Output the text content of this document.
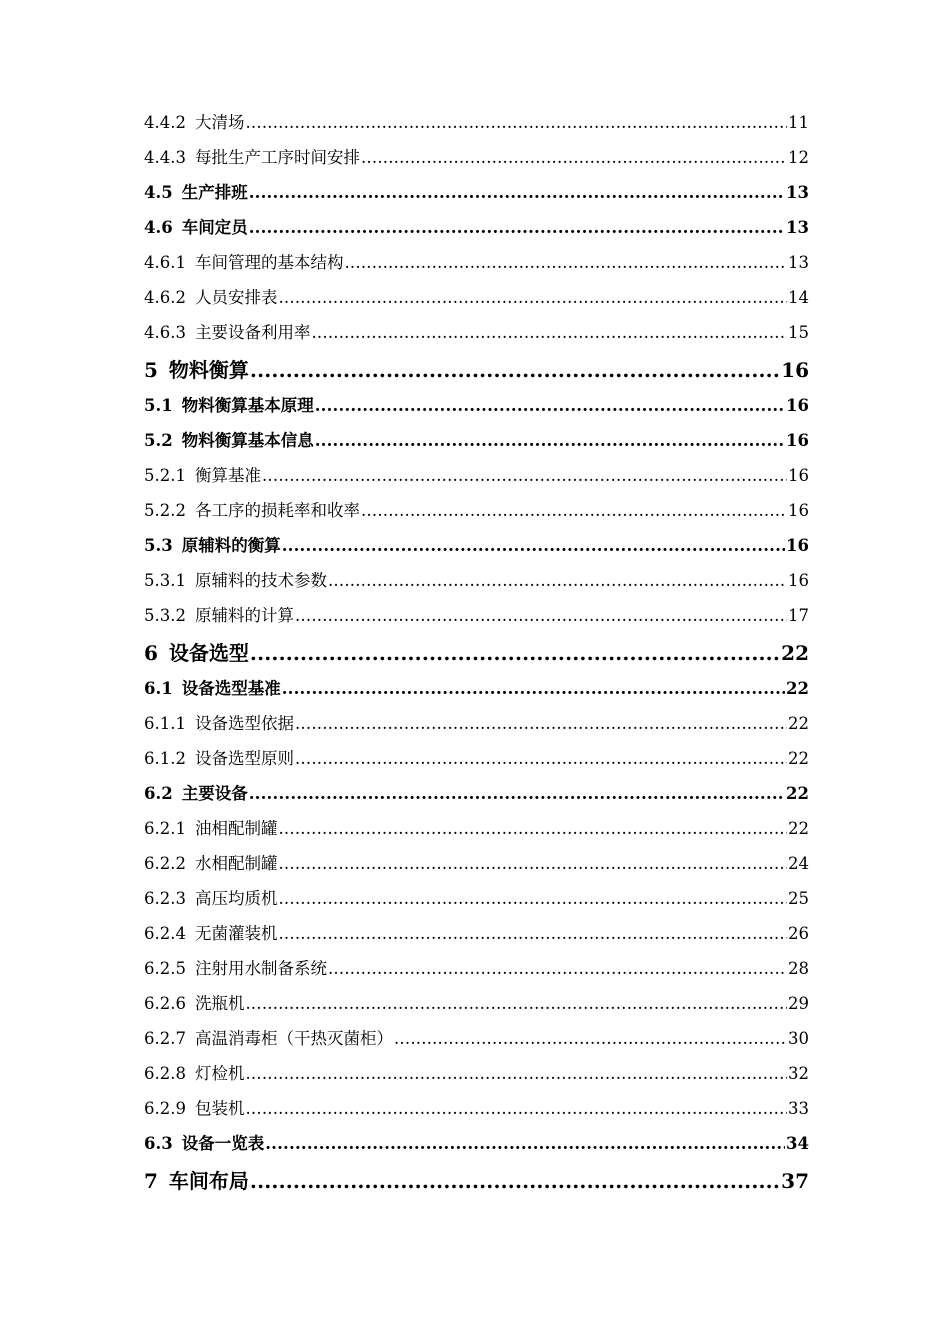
4.4.2 大清场 .....	11
4.4.3 每批生产工序时间安排 .....	12
4.5 生产排班 .....	13
4.6 车间定员 .....	13
4.6.1 车间管理的基本结构 .....	13
4.6.2 人员安排表 .....	14
4.6.3 主要设备利用率 .....	15
5 物料衡算 .....	16
5.1 物料衡算基本原理 .....	16
5.2 物料衡算基本信息 .....	16
5.2.1 衡算基准 .....	16
5.2.2 各工序的损耗率和收率 .....	16
5.3 原辅料的衡算 .....	16
5.3.1 原辅料的技术参数 .....	16
5.3.2 原辅料的计算 .....	17
6 设备选型 .....	22
6.1 设备选型基准 .....	22
6.1.1 设备选型依据 .....	22
6.1.2 设备选型原则 .....	22
6.2 主要设备 .....	22
6.2.1 油相配制罐 .....	22
6.2.2 水相配制罐 .....	24
6.2.3 高压均质机 .....	25
6.2.4 无菌灌装机 .....	26
6.2.5 注射用水制备系统 .....	28
6.2.6 洗瓶机 .....	29
6.2.7 高温消毒柜（干热灭菌柜） .....	30
6.2.8 灯检机 .....	32
6.2.9 包装机 .....	33
6.3 设备一览表 .....	34
7 车间布局 .....	37
